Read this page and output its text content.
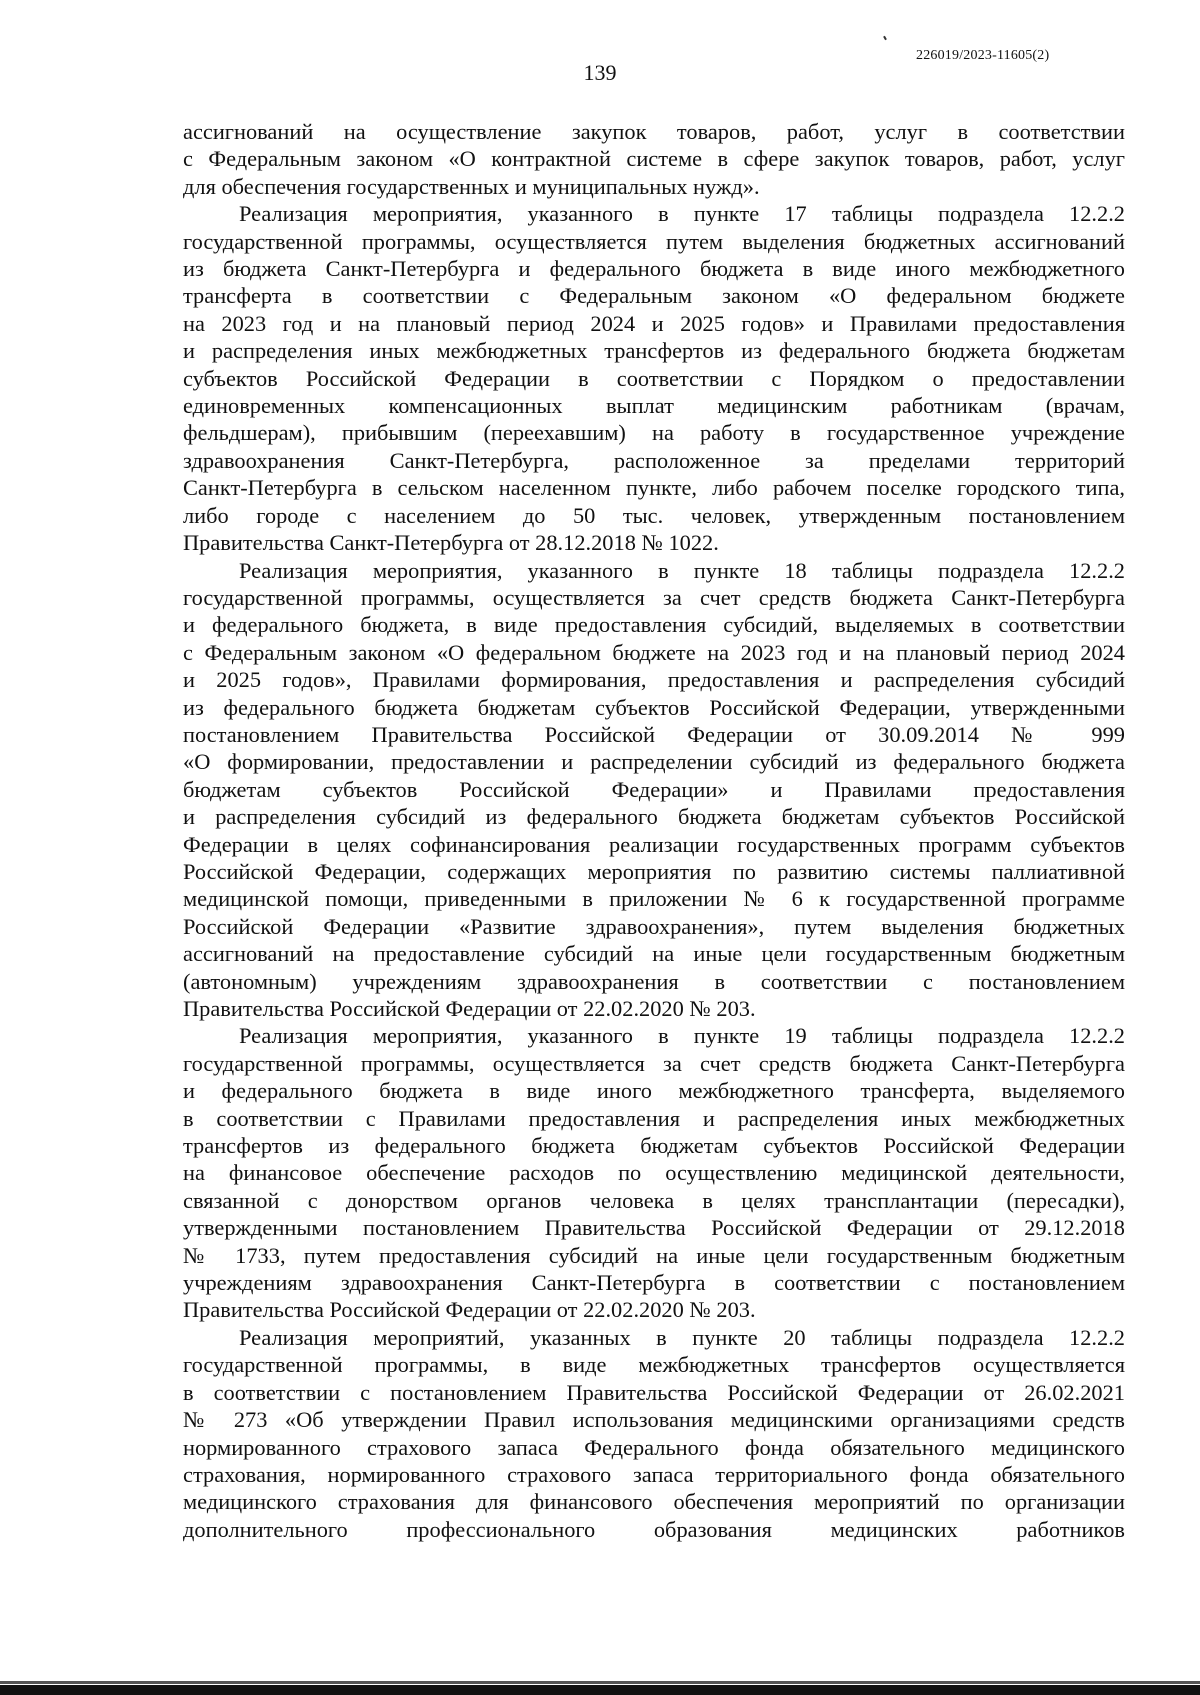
226019/2023-11605(2)
139

ассигнований на осуществление закупок товаров, работ, услуг в соответствии
с Федеральным законом «О контрактной системе в сфере закупок товаров, работ, услуг
для обеспечения государственных и муниципальных нужд».

Реализация мероприятия, указанного в пункте 17 таблицы подраздела 12.2.2
государственной программы, осуществляется путем выделения бюджетных ассигнований
из бюджета Санкт-Петербурга и федерального бюджета в виде иного межбюджетного
трансферта в соответствии с Федеральным законом «О федеральном бюджете
на 2023 год и на плановый период 2024 и 2025 годов» и Правилами предоставления
и распределения иных межбюджетных трансфертов из федерального бюджета бюджетам
субъектов Российской Федерации в соответствии с Порядком о предоставлении
единовременных компенсационных выплат медицинским работникам (врачам,
фельдшерам), прибывшим (переехавшим) на работу в государственное учреждение
здравоохранения Санкт-Петербурга, расположенное за пределами территорий
Санкт-Петербурга в сельском населенном пункте, либо рабочем поселке городского типа,
либо городе с населением до 50 тыс. человек, утвержденным постановлением
Правительства Санкт-Петербурга от 28.12.2018 № 1022.

Реализация мероприятия, указанного в пункте 18 таблицы подраздела 12.2.2
государственной программы, осуществляется за счет средств бюджета Санкт-Петербурга
и федерального бюджета, в виде предоставления субсидий, выделяемых в соответствии
с Федеральным законом «О федеральном бюджете на 2023 год и на плановый период 2024
и 2025 годов», Правилами формирования, предоставления и распределения субсидий
из федерального бюджета бюджетам субъектов Российской Федерации, утвержденными
постановлением Правительства Российской Федерации от 30.09.2014 № 999
«О формировании, предоставлении и распределении субсидий из федерального бюджета
бюджетам субъектов Российской Федерации» и Правилами предоставления
и распределения субсидий из федерального бюджета бюджетам субъектов Российской
Федерации в целях софинансирования реализации государственных программ субъектов
Российской Федерации, содержащих мероприятия по развитию системы паллиативной
медицинской помощи, приведенными в приложении № 6 к государственной программе
Российской Федерации «Развитие здравоохранения», путем выделения бюджетных
ассигнований на предоставление субсидий на иные цели государственным бюджетным
(автономным) учреждениям здравоохранения в соответствии с постановлением
Правительства Российской Федерации от 22.02.2020 № 203.

Реализация мероприятия, указанного в пункте 19 таблицы подраздела 12.2.2
государственной программы, осуществляется за счет средств бюджета Санкт-Петербурга
и федерального бюджета в виде иного межбюджетного трансферта, выделяемого
в соответствии с Правилами предоставления и распределения иных межбюджетных
трансфертов из федерального бюджета бюджетам субъектов Российской Федерации
на финансовое обеспечение расходов по осуществлению медицинской деятельности,
связанной с донорством органов человека в целях трансплантации (пересадки),
утвержденными постановлением Правительства Российской Федерации от 29.12.2018
№ 1733, путем предоставления субсидий на иные цели государственным бюджетным
учреждениям здравоохранения Санкт-Петербурга в соответствии с постановлением
Правительства Российской Федерации от 22.02.2020 № 203.

Реализация мероприятий, указанных в пункте 20 таблицы подраздела 12.2.2
государственной программы, в виде межбюджетных трансфертов осуществляется
в соответствии с постановлением Правительства Российской Федерации от 26.02.2021
№ 273 «Об утверждении Правил использования медицинскими организациями средств
нормированного страхового запаса Федерального фонда обязательного медицинского
страхования, нормированного страхового запаса территориального фонда обязательного
медицинского страхования для финансового обеспечения мероприятий по организации
дополнительного профессионального образования медицинских работников
